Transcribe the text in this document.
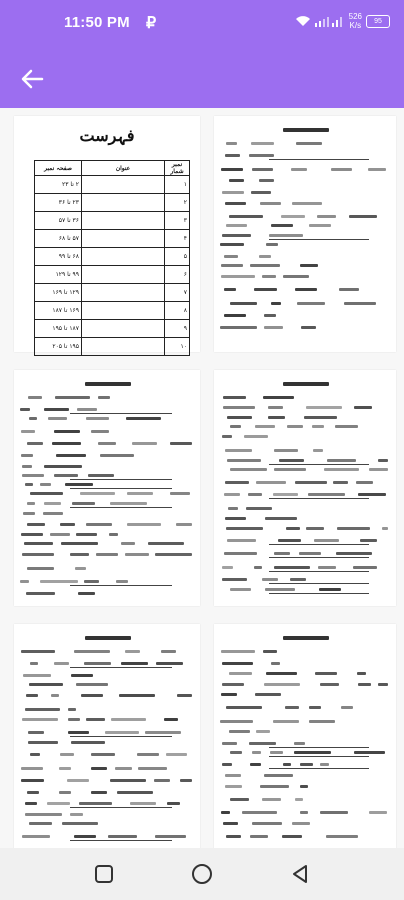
11:50 PM ₽	526
K/s 95
فہرست
نمبر شمار	عنوان	صفحہ نمبر
۱		۲ تا ۲۳
۲		۲۳ تا ۳۶
۳		۳۶ تا ۵۷
۴		۵۷ تا ۶۸
۵		۶۸ تا ۹۹
۶		۹۹ تا ۱۲۹
۷		۱۲۹ تا ۱۶۹
۸		۱۶۹ تا ۱۸۷
۹		۱۸۷ تا ۱۹۵
۱۰		۱۹۵ تا ۲۰۵
